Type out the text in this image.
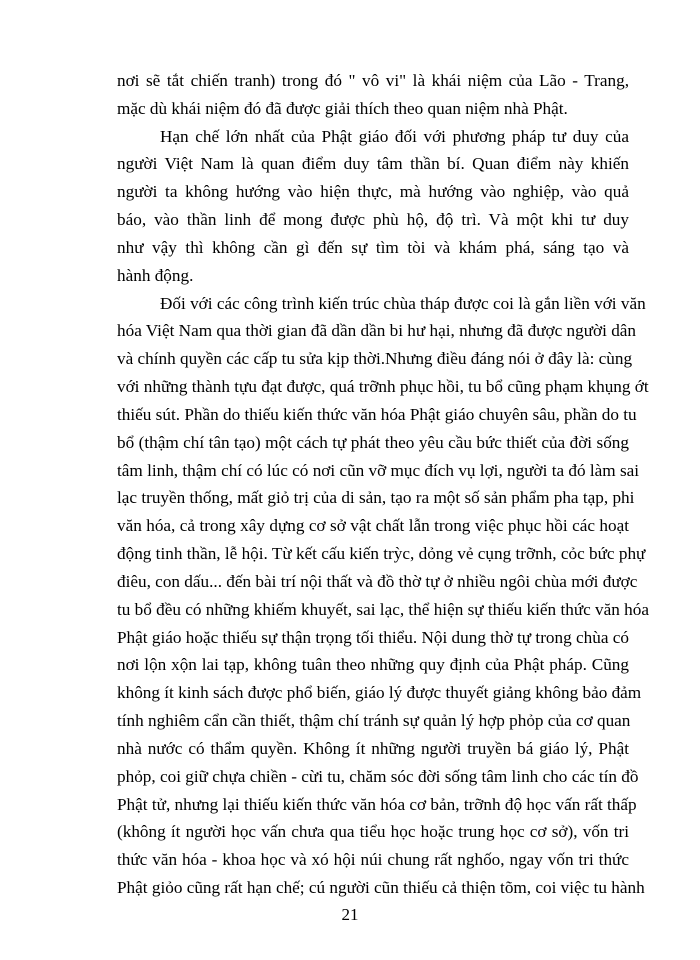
nơi sẽ tắt chiến tranh) trong đó " vô vi" là khái niệm của Lão - Trang,
mặc dù khái niệm đó đã được giải thích theo quan niệm nhà Phật.
Hạn chế lớn nhất của Phật giáo đối với phương pháp tư duy của
người Việt Nam là quan điểm duy tâm thần bí. Quan điểm này khiến
người ta không hướng vào hiện thực, mà hướng vào nghiệp, vào quả
báo, vào thần linh để mong được phù hộ, độ trì. Và một khi tư duy
như vậy thì không cần gì đến sự tìm tòi và khám phá, sáng tạo và
hành động.
Đối với các công trình kiến trúc chùa tháp được coi là gắn liền với văn
hóa Việt Nam qua thời gian đã dần dần bi hư hại, nhưng đã được người dân
và chính quyền các cấp tu sửa kịp thời.Nhưng điều đáng nói ở đây là: cùng
với những thành tựu đạt được, quá trỡnh phục hồi, tu bổ cũng phạm khụng ớt
thiếu sút. Phần do thiếu kiến thức văn hóa Phật giáo chuyên sâu, phần do tu
bổ (thậm chí tân tạo) một cách tự phát theo yêu cầu bức thiết của đời sống
tâm linh, thậm chí có lúc có nơi cũn vỡ mục đích vụ lợi, người ta đó làm sai
lạc truyền thống, mất giỏ trị của di sản, tạo ra một số sản phẩm pha tạp, phi
văn hóa, cả trong xây dựng cơ sở vật chất lẫn trong việc phục hồi các hoạt
động tinh thần, lễ hội. Từ kết cấu kiến trỳc, dỏng vẻ cụng trỡnh, cỏc bức phự
điêu, con dấu... đến bài trí nội thất và đồ thờ tự ở nhiều ngôi chùa mới được
tu bổ đều có những khiếm khuyết, sai lạc, thể hiện sự thiếu kiến thức văn hóa
Phật giáo hoặc thiếu sự thận trọng tối thiểu. Nội dung thờ tự trong chùa có
nơi lộn xộn lai tạp, không tuân theo những quy định của Phật pháp. Cũng
không ít kinh sách được phổ biến, giáo lý được thuyết giảng không bảo đảm
tính nghiêm cẩn cần thiết, thậm chí tránh sự quản lý hợp phỏp của cơ quan
nhà nước có thẩm quyền. Không ít những người truyền bá giáo lý, Phật
phỏp, coi giữ chựa chiền - cừi tu, chăm sóc đời sống tâm linh cho các tín đồ
Phật tử, nhưng lại thiếu kiến thức văn hóa cơ bản, trỡnh độ học vấn rất thấp
(không ít người học vấn chưa qua tiểu học hoặc trung học cơ sở), vốn tri
thức văn hóa - khoa học và xó hội núi chung rất nghốo, ngay vốn tri thức
Phật giỏo cũng rất hạn chế; cú người cũn thiếu cả thiện tõm, coi việc tu hành
21
